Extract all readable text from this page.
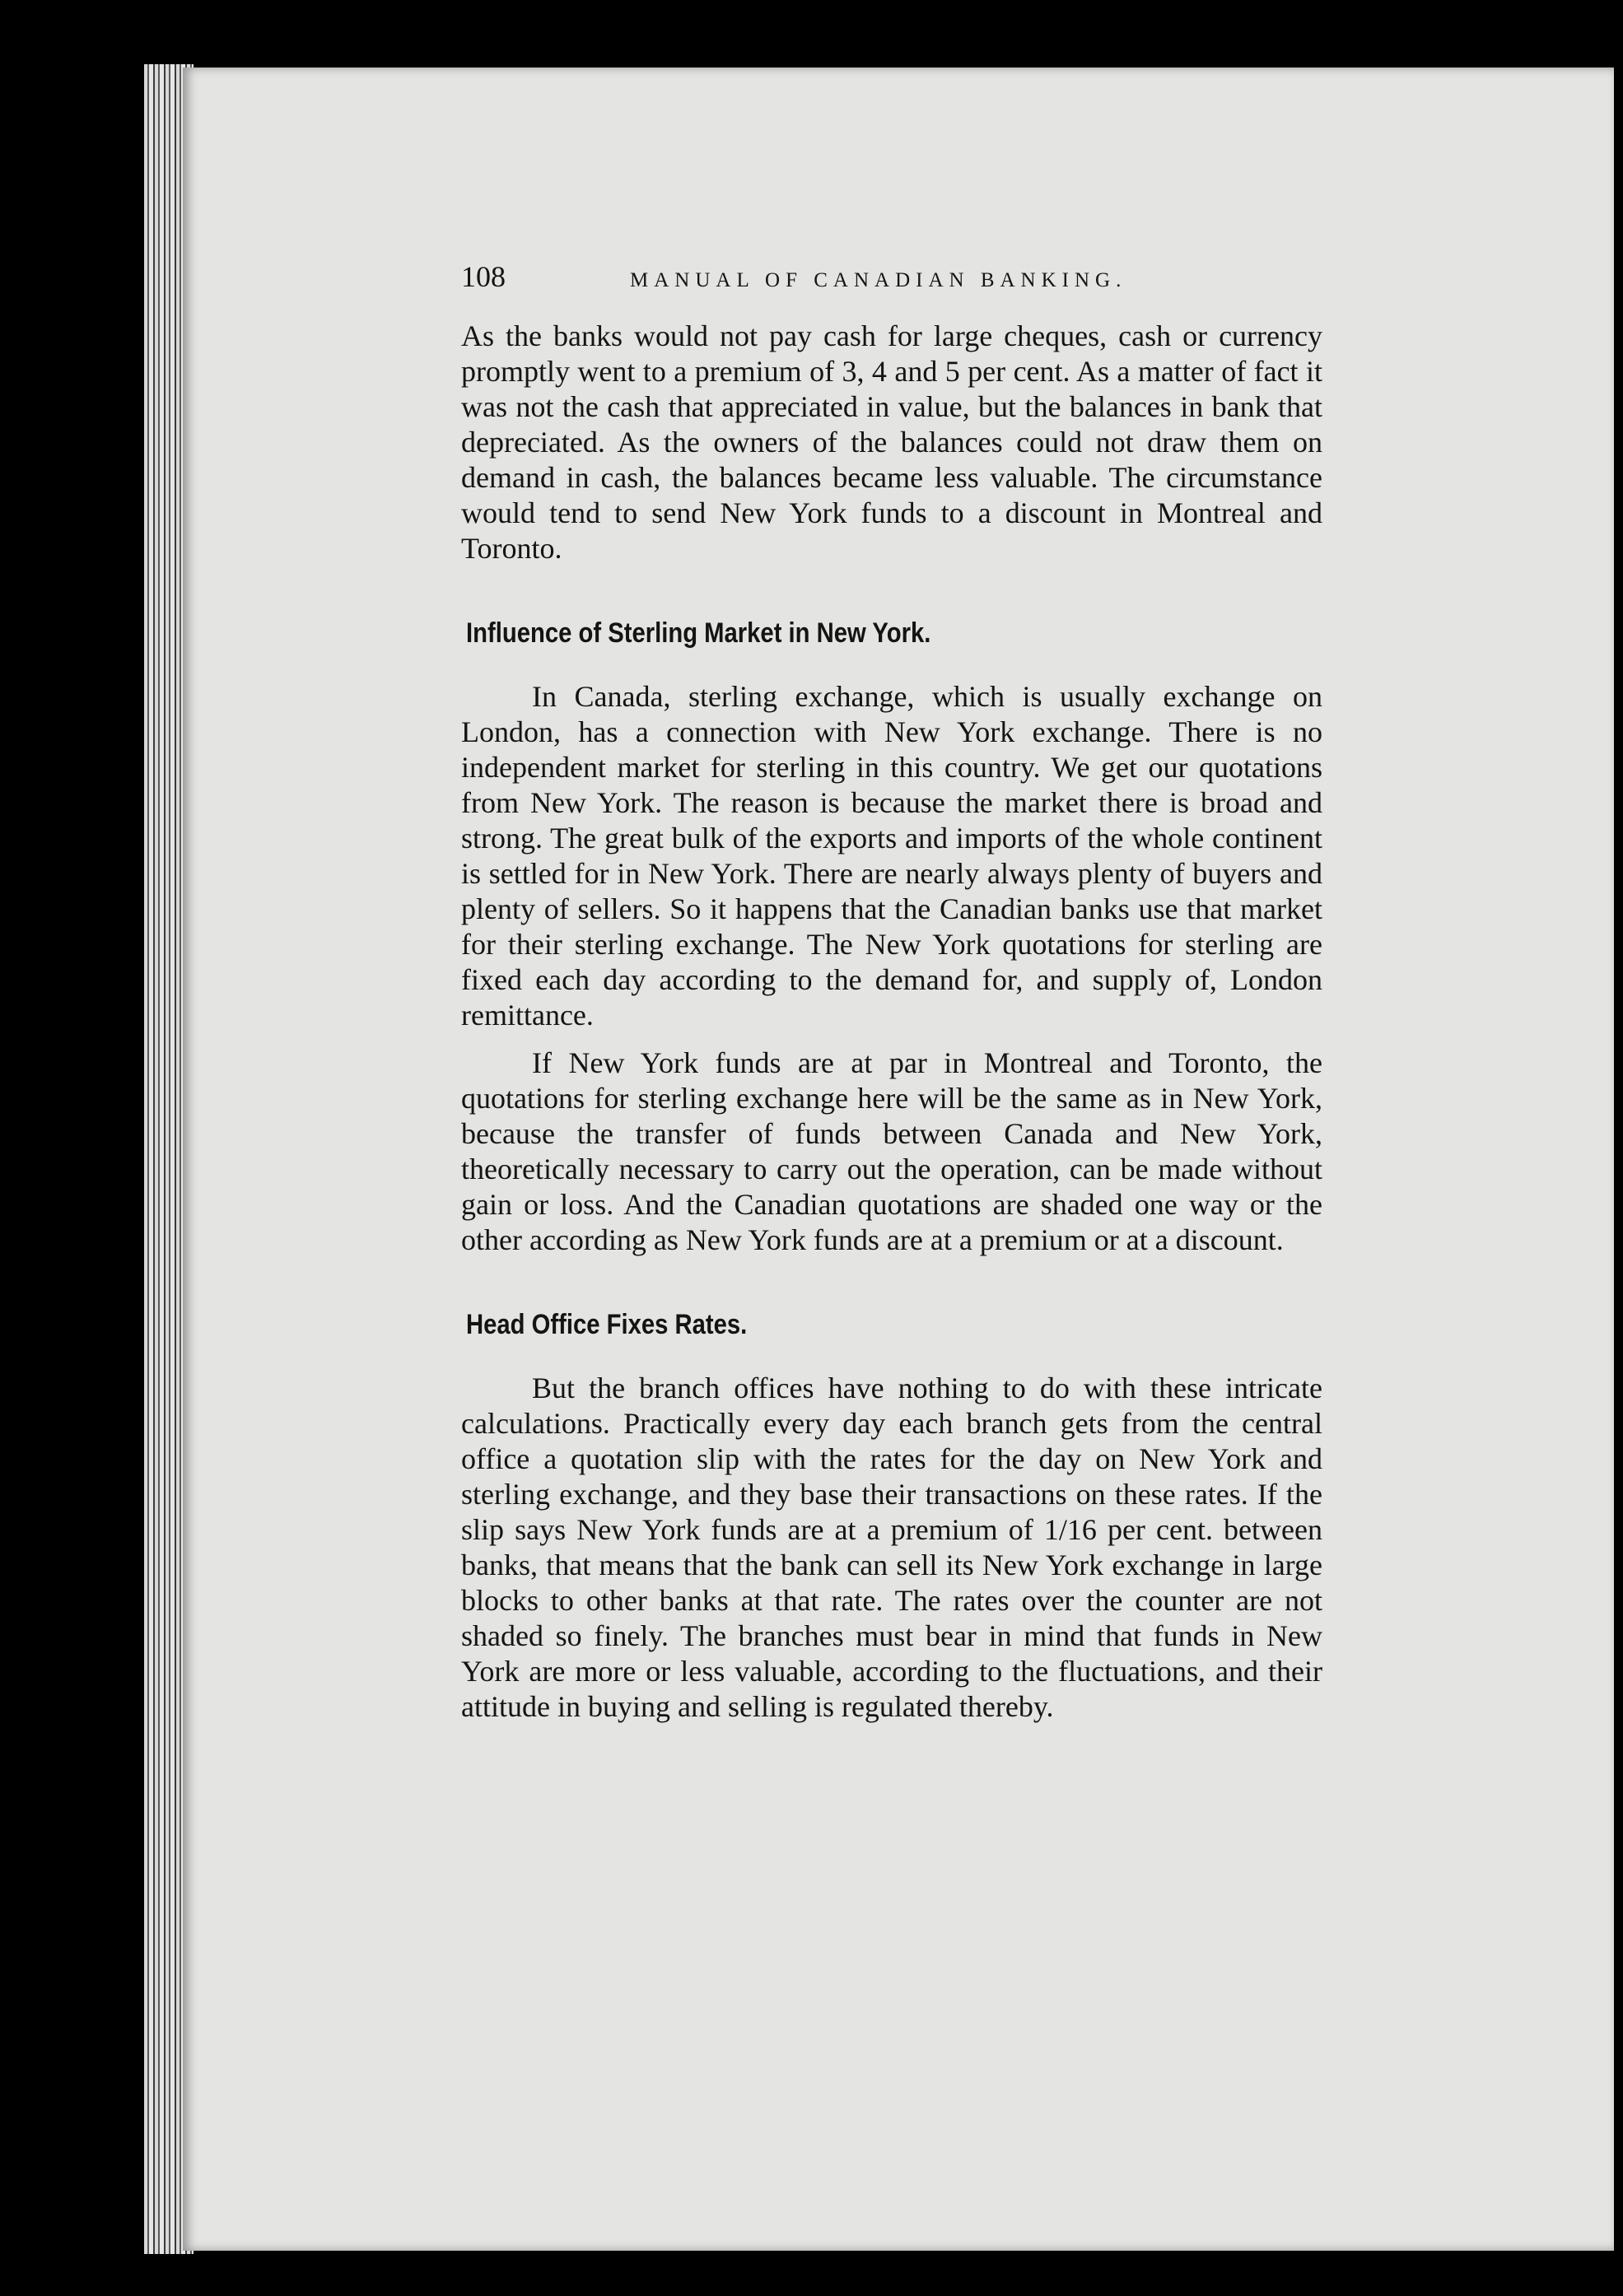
108	MANUAL OF CANADIAN BANKING.

As the banks would not pay cash for large cheques, cash or currency promptly went to a premium of 3, 4 and 5 per cent. As a matter of fact it was not the cash that appreciated in value, but the balances in bank that depreciated. As the owners of the balances could not draw them on demand in cash, the balances became less valuable. The circumstance would tend to send New York funds to a discount in Montreal and Toronto.

Influence of Sterling Market in New York.

In Canada, sterling exchange, which is usually exchange on London, has a connection with New York exchange. There is no independent market for sterling in this country. We get our quotations from New York. The reason is because the market there is broad and strong. The great bulk of the exports and imports of the whole continent is settled for in New York. There are nearly always plenty of buyers and plenty of sellers. So it happens that the Canadian banks use that market for their sterling exchange. The New York quotations for sterling are fixed each day according to the demand for, and supply of, London remittance.

If New York funds are at par in Montreal and Toronto, the quotations for sterling exchange here will be the same as in New York, because the transfer of funds between Canada and New York, theoretically necessary to carry out the operation, can be made without gain or loss. And the Canadian quotations are shaded one way or the other according as New York funds are at a premium or at a discount.

Head Office Fixes Rates.

But the branch offices have nothing to do with these intricate calculations. Practically every day each branch gets from the central office a quotation slip with the rates for the day on New York and sterling exchange, and they base their transactions on these rates. If the slip says New York funds are at a premium of 1/16 per cent. between banks, that means that the bank can sell its New York exchange in large blocks to other banks at that rate. The rates over the counter are not shaded so finely. The branches must bear in mind that funds in New York are more or less valuable, according to the fluctuations, and their attitude in buying and selling is regulated thereby.
